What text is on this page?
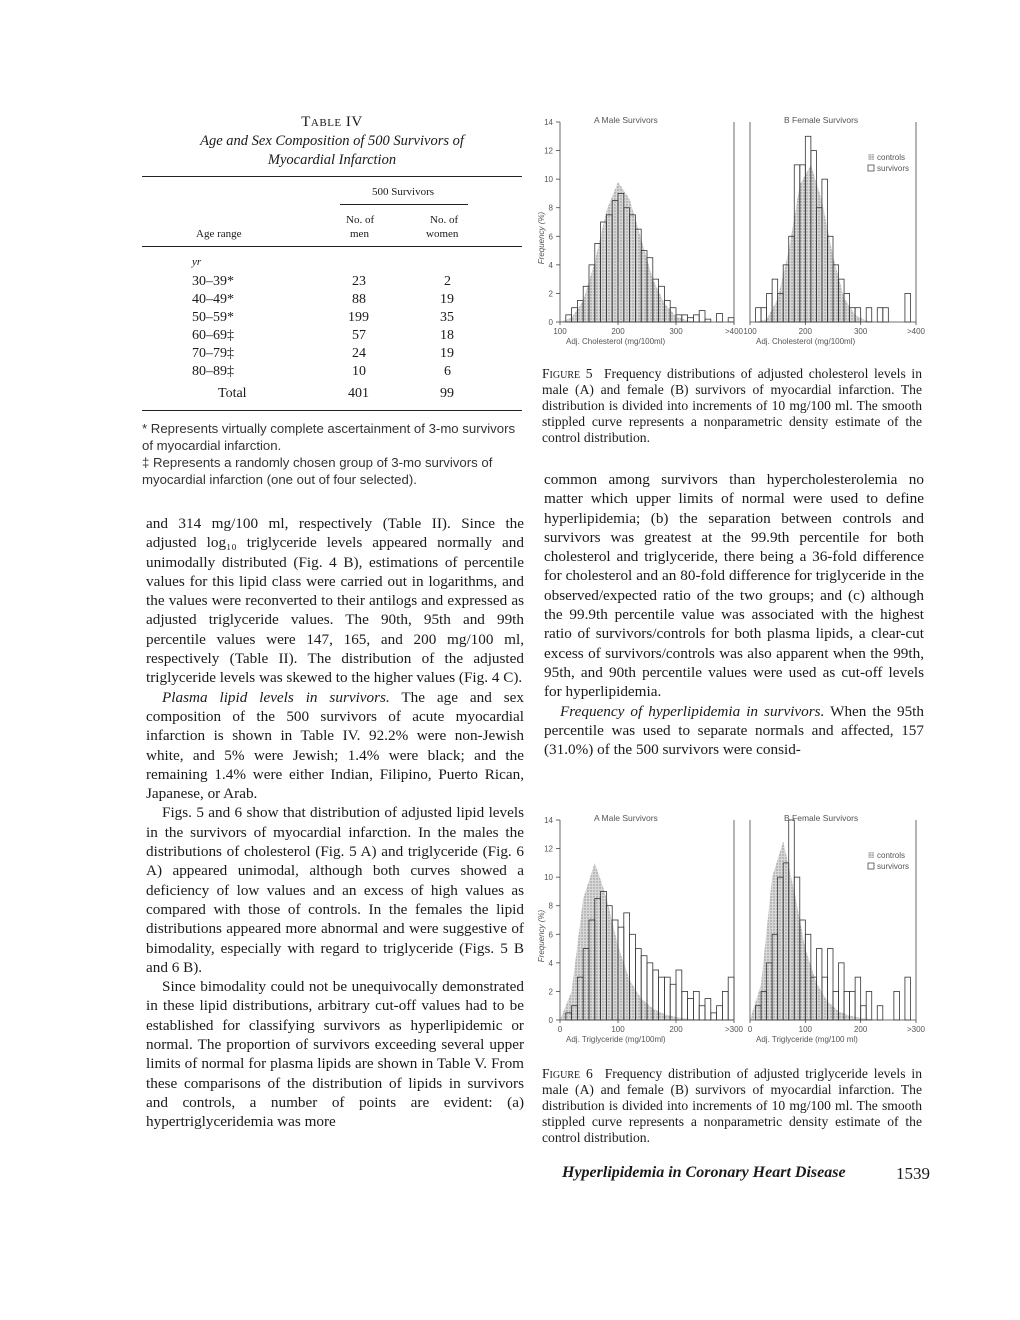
Table IV

Age and Sex Composition of 500 Survivors of

Myocardial Infarction

500 Survivors
Age range
No. of
men
No. of
women
yr
30–39*	23	2
40–49*	88	19
50–59*	199	35
60–69‡	57	18
70–79‡	24	19
80–89‡	10	6
Total	401	99
* Represents virtually complete ascertainment of 3-mo survivors of myocardial infarction.
‡ Represents a randomly chosen group of 3-mo survivors of myocardial infarction (one out of four selected).

and 314 mg/100 ml, respectively (Table II). Since the adjusted log₁₀ triglyceride levels appeared normally and unimodally distributed (Fig. 4 B), estimations of percentile values for this lipid class were carried out in logarithms, and the values were reconverted to their antilogs and expressed as adjusted triglyceride values. The 90th, 95th and 99th percentile values were 147, 165, and 200 mg/100 ml, respectively (Table II). The distribution of the adjusted triglyceride levels was skewed to the higher values (Fig. 4 C).

Plasma lipid levels in survivors. The age and sex composition of the 500 survivors of acute myocardial infarction is shown in Table IV. 92.2% were non-Jewish white, and 5% were Jewish; 1.4% were black; and the remaining 1.4% were either Indian, Filipino, Puerto Rican, Japanese, or Arab.

Figs. 5 and 6 show that distribution of adjusted lipid levels in the survivors of myocardial infarction. In the males the distributions of cholesterol (Fig. 5 A) and triglyceride (Fig. 6 A) appeared unimodal, although both curves showed a deficiency of low values and an excess of high values as compared with those of controls. In the females the lipid distributions appeared more abnormal and were suggestive of bimodality, especially with regard to triglyceride (Figs. 5 B and 6 B).

Since bimodality could not be unequivocally demonstrated in these lipid distributions, arbitrary cut-off values had to be established for classifying survivors as hyperlipidemic or normal. The proportion of survivors exceeding several upper limits of normal for plasma lipids are shown in Table V. From these comparisons of the distribution of lipids in survivors and controls, a number of points are evident: (a) hypertriglyceridemia was more

0
2
4
6
8
10
12
14
Frequency (%)
100	200	300	>400
Adj. Cholesterol (mg/100ml)
A Male Survivors
100	200	300	>400
Adj. Cholesterol (mg/100ml)
B Female Survivors
controls
survivors
Figure 5 Frequency distributions of adjusted cholesterol levels in male (A) and female (B) survivors of myocardial infarction. The distribution is divided into increments of 10 mg/100 ml. The smooth stippled curve represents a nonparametric density estimate of the control distribution.

common among survivors than hypercholesterolemia no matter which upper limits of normal were used to define hyperlipidemia; (b) the separation between controls and survivors was greatest at the 99.9th percentile for both cholesterol and triglyceride, there being a 36-fold difference for cholesterol and an 80-fold difference for triglyceride in the observed/expected ratio of the two groups; and (c) although the 99.9th percentile value was associated with the highest ratio of survivors/controls for both plasma lipids, a clear-cut excess of survivors/controls was also apparent when the 99th, 95th, and 90th percentile values were used as cut-off levels for hyperlipidemia.

Frequency of hyperlipidemia in survivors. When the 95th percentile was used to separate normals and affected, 157 (31.0%) of the 500 survivors were consid-

0
2
4
6
8
10
12
14
Frequency (%)
0	100	200	>300
Adj. Triglyceride (mg/100ml)
A Male Survivors
0	100	200	>300
Adj. Triglyceride (mg/100 ml)
B Female Survivors
controls
survivors
Figure 6 Frequency distribution of adjusted triglyceride levels in male (A) and female (B) survivors of myocardial infarction. The distribution is divided into increments of 10 mg/100 ml. The smooth stippled curve represents a nonparametric density estimate of the control distribution.
Hyperlipidemia in Coronary Heart Disease	1539
